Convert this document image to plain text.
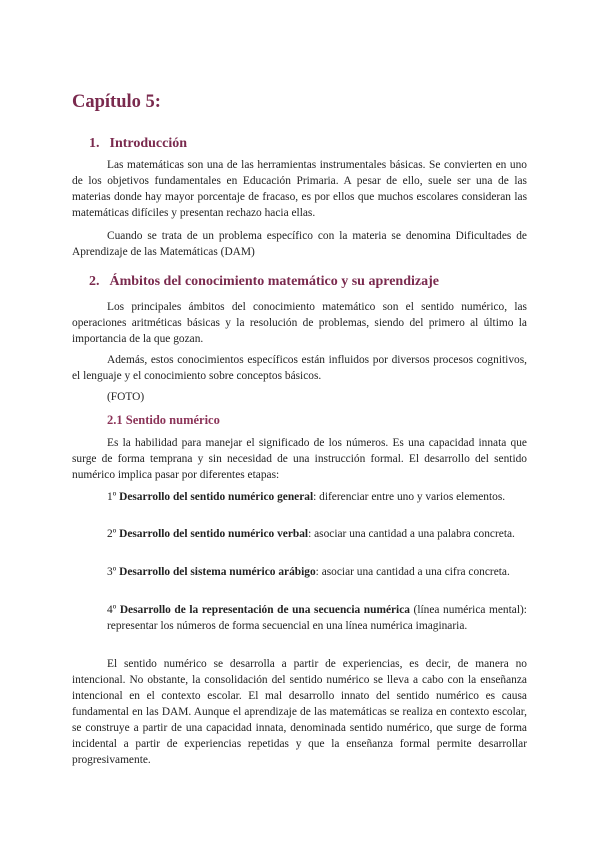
Capítulo 5:
1. Introducción

Las matemáticas son una de las herramientas instrumentales básicas. Se convierten en uno de los objetivos fundamentales en Educación Primaria. A pesar de ello, suele ser una de las materias donde hay mayor porcentaje de fracaso, es por ellos que muchos escolares consideran las matemáticas difíciles y presentan rechazo hacia ellas.

Cuando se trata de un problema específico con la materia se denomina Dificultades de Aprendizaje de las Matemáticas (DAM)

2. Ámbitos del conocimiento matemático y su aprendizaje

Los principales ámbitos del conocimiento matemático son el sentido numérico, las operaciones aritméticas básicas y la resolución de problemas, siendo del primero al último la importancia de la que gozan.

Además, estos conocimientos específicos están influidos por diversos procesos cognitivos, el lenguaje y el conocimiento sobre conceptos básicos.

(FOTO)

2.1 Sentido numérico

Es la habilidad para manejar el significado de los números. Es una capacidad innata que surge de forma temprana y sin necesidad de una instrucción formal. El desarrollo del sentido numérico implica pasar por diferentes etapas:

1º Desarrollo del sentido numérico general: diferenciar entre uno y varios elementos.

2º Desarrollo del sentido numérico verbal: asociar una cantidad a una palabra concreta.

3º Desarrollo del sistema numérico arábigo: asociar una cantidad a una cifra concreta.

4º Desarrollo de la representación de una secuencia numérica (línea numérica mental): representar los números de forma secuencial en una línea numérica imaginaria.

El sentido numérico se desarrolla a partir de experiencias, es decir, de manera no intencional. No obstante, la consolidación del sentido numérico se lleva a cabo con la enseñanza intencional en el contexto escolar. El mal desarrollo innato del sentido numérico es causa fundamental en las DAM. Aunque el aprendizaje de las matemáticas se realiza en contexto escolar, se construye a partir de una capacidad innata, denominada sentido numérico, que surge de forma incidental a partir de experiencias repetidas y que la enseñanza formal permite desarrollar progresivamente.
